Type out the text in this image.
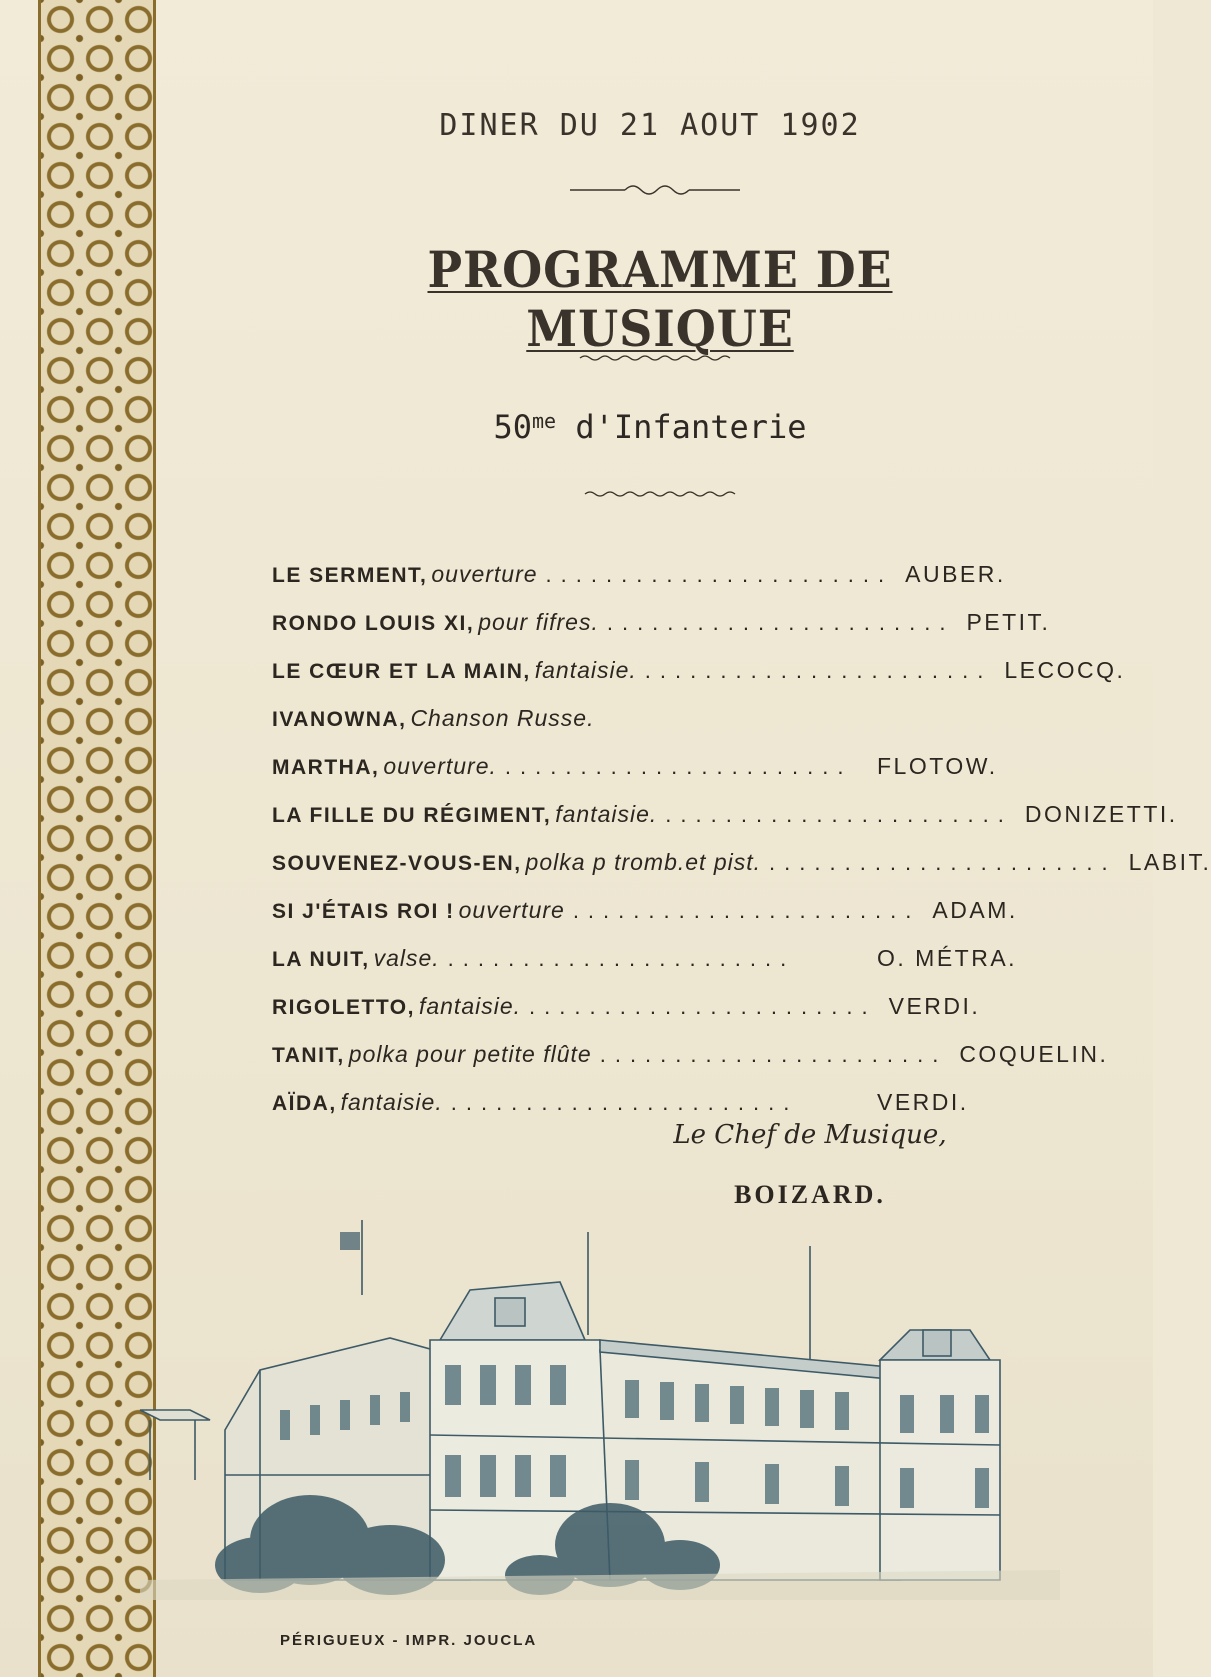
DINER DU 21 AOUT 1902
PROGRAMME DE MUSIQUE
$50^{me}$ d'Infanterie
LE SERMENT, ouverture ....................... AUBER.
RONDO LOUIS XI, pour fifres. ....................... PETIT.
LE CŒUR ET LA MAIN, fantaisie. ....................... LECOCQ.
IVANOWNA, Chanson Russe.
MARTHA, ouverture. .......................	FLOTOW.
LA FILLE DU RÉGIMENT, fantaisie. ....................... DONIZETTI.
SOUVENEZ-VOUS-EN, polka p tromb.et pist. ....................... LABIT.
SI J'ÉTAIS ROI ! ouverture ....................... ADAM.
LA NUIT, valse. .......................	O. MÉTRA.
RIGOLETTO, fantaisie. ....................... VERDI.
TANIT, polka pour petite flûte ....................... COQUELIN.
AÏDA, fantaisie. .......................	VERDI.
Le Chef de Musique,
BOIZARD.
PÉRIGUEUX - IMPR. JOUCLA
